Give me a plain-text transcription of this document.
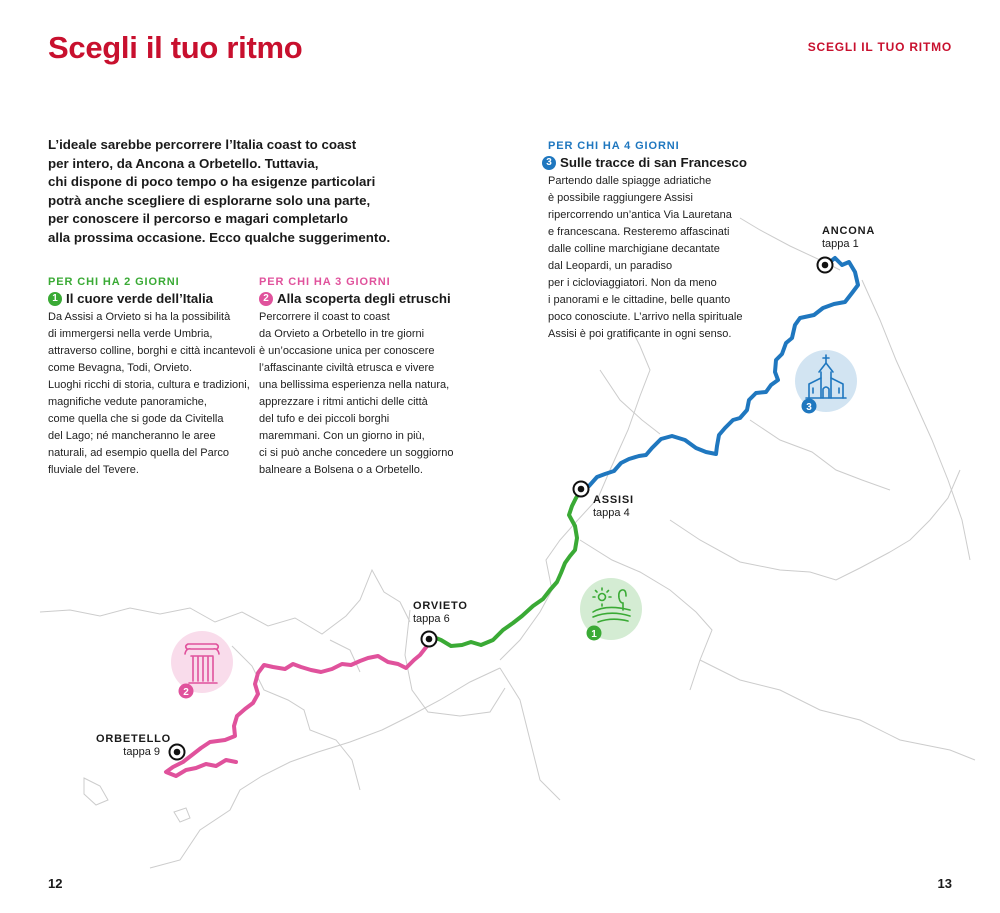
1
2
3
Scegli il tuo ritmo	SCEGLI IL TUO RITMO

L’ideale sarebbe percorrere l’Italia coast to coast
per intero, da Ancona a Orbetello. Tuttavia,
chi dispone di poco tempo o ha esigenze particolari
potrà anche scegliere di esplorarne solo una parte,
per conoscere il percorso e magari completarlo
alla prossima occasione. Ecco qualche suggerimento.

PER CHI HA 2 GIORNI
1 Il cuore verde dell’Italia

Da Assisi a Orvieto si ha la possibilità
di immergersi nella verde Umbria,
attraverso colline, borghi e città incantevoli
come Bevagna, Todi, Orvieto.
Luoghi ricchi di storia, cultura e tradizioni,
magnifiche vedute panoramiche,
come quella che si gode da Civitella
del Lago; né mancheranno le aree
naturali, ad esempio quella del Parco
fluviale del Tevere.

PER CHI HA 3 GIORNI
2 Alla scoperta degli etruschi

Percorrere il coast to coast
da Orvieto a Orbetello in tre giorni
è un’occasione unica per conoscere
l’affascinante civiltà etrusca e vivere
una bellissima esperienza nella natura,
apprezzare i ritmi antichi delle città
del tufo e dei piccoli borghi
maremmani. Con un giorno in più,
ci si può anche concedere un soggiorno
balneare a Bolsena o a Orbetello.

PER CHI HA 4 GIORNI
3 Sulle tracce di san Francesco

Partendo dalle spiagge adriatiche
è possibile raggiungere Assisi
ripercorrendo un’antica Via Lauretana
e francescana. Resteremo affascinati
dalle colline marchigiane decantate
dal Leopardi, un paradiso
per i cicloviaggiatori. Non da meno
i panorami e le cittadine, belle quanto
poco conosciute. L’arrivo nella spirituale
Assisi è poi gratificante in ogni senso.

ANCONA
tappa 1
ASSISI
tappa 4
ORVIETO
tappa 6
ORBETELLO
tappa 9
12	13
